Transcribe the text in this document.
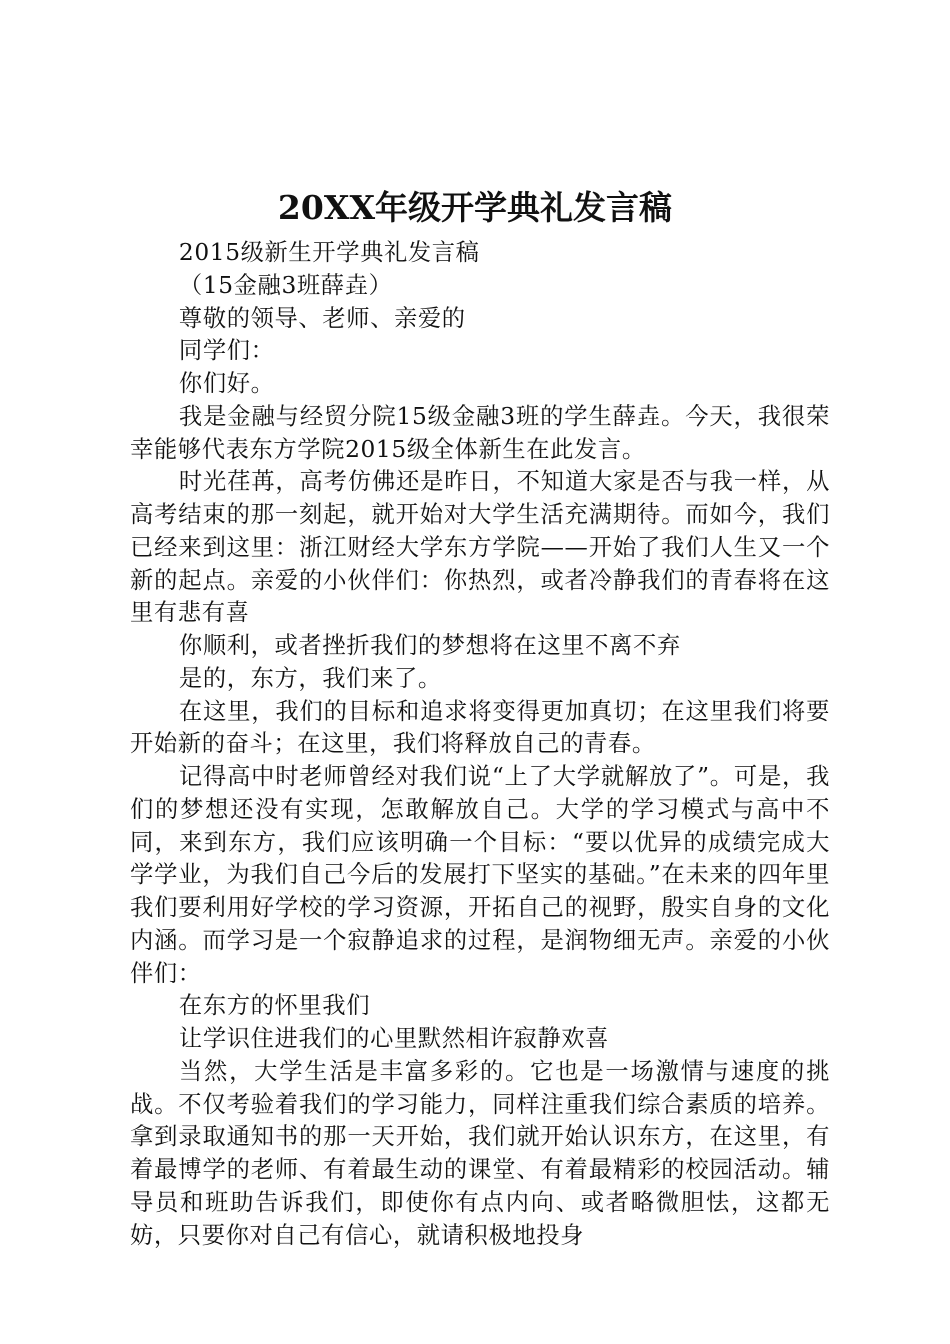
20XX年级开学典礼发言稿

2015级新生开学典礼发言稿

（15金融3班薛垚）

尊敬的领导、老师、亲爱的

同学们：

你们好。

我是金融与经贸分院15级金融3班的学生薛垚。今天，我很荣幸能够代表东方学院2015级全体新生在此发言。

时光荏苒，高考仿佛还是昨日，不知道大家是否与我一样，从高考结束的那一刻起，就开始对大学生活充满期待。而如今，我们已经来到这里：浙江财经大学东方学院——开始了我们人生又一个新的起点。亲爱的小伙伴们：你热烈，或者冷静我们的青春将在这里有悲有喜

你顺利，或者挫折我们的梦想将在这里不离不弃

是的，东方，我们来了。

在这里，我们的目标和追求将变得更加真切；在这里我们将要开始新的奋斗；在这里，我们将释放自己的青春。

记得高中时老师曾经对我们说“上了大学就解放了”。可是，我们的梦想还没有实现，怎敢解放自己。大学的学习模式与高中不同，来到东方，我们应该明确一个目标：“要以优异的成绩完成大学学业，为我们自己今后的发展打下坚实的基础。”在未来的四年里我们要利用好学校的学习资源，开拓自己的视野，殷实自身的文化内涵。而学习是一个寂静追求的过程，是润物细无声。亲爱的小伙伴们：

在东方的怀里我们

让学识住进我们的心里默然相许寂静欢喜

当然，大学生活是丰富多彩的。它也是一场激情与速度的挑战。不仅考验着我们的学习能力，同样注重我们综合素质的培养。拿到录取通知书的那一天开始，我们就开始认识东方，在这里，有着最博学的老师、有着最生动的课堂、有着最精彩的校园活动。辅导员和班助告诉我们，即使你有点内向、或者略微胆怯，这都无妨，只要你对自己有信心，就请积极地投身
